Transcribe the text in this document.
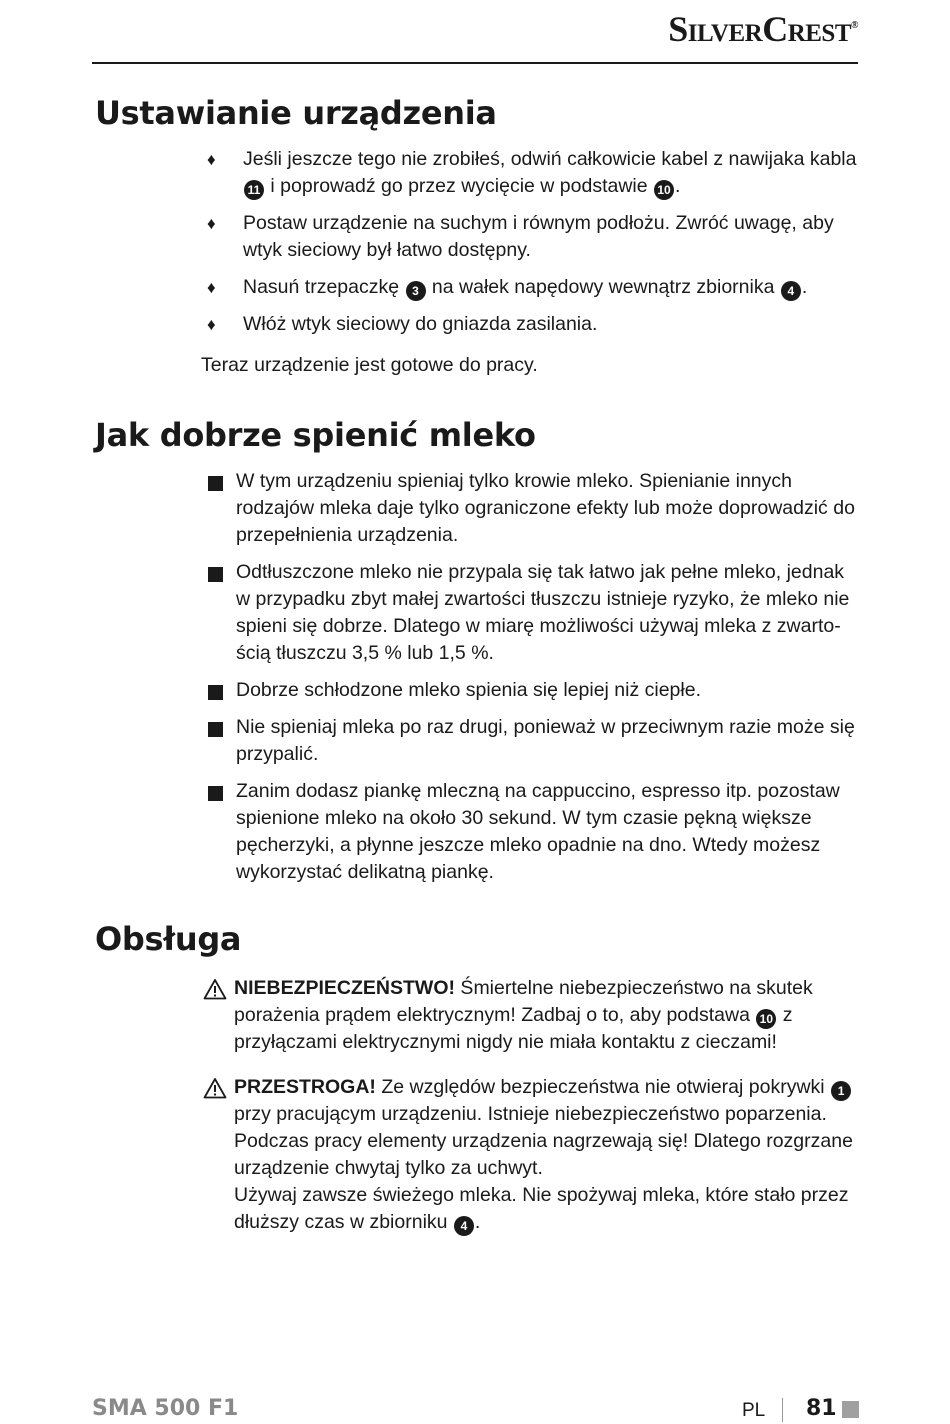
SilverCrest®
Ustawianie urządzenia
♦ Jeśli jeszcze tego nie zrobiłeś, odwiń całkowicie kabel z nawijaka kabla 11 i poprowadź go przez wycięcie w podstawie 10 .
♦ Postaw urządzenie na suchym i równym podłożu. Zwróć uwagę, aby wtyk sieciowy był łatwo dostępny.
♦ Nasuń trzepaczkę 3 na wałek napędowy wewnątrz zbiornika 4 .
♦ Włóż wtyk sieciowy do gniazda zasilania.
Teraz urządzenie jest gotowe do pracy.
Jak dobrze spienić mleko
W tym urządzeniu spieniaj tylko krowie mleko. Spienianie innych rodzajów mleka daje tylko ograniczone efekty lub może doprowadzić do przepełnienia urządzenia.
Odtłuszczone mleko nie przypala się tak łatwo jak pełne mleko, jednak w przypadku zbyt małej zwartości tłuszczu istnieje ryzyko, że mleko nie spieni się dobrze. Dlatego w miarę możliwości używaj mleka z zwartością tłuszczu 3,5 % lub 1,5 %.
Dobrze schłodzone mleko spienia się lepiej niż ciepłe.
Nie spieniaj mleka po raz drugi, ponieważ w przeciwnym razie może się przypalić.
Zanim dodasz piankę mleczną na cappuccino, espresso itp. pozostaw spienione mleko na około 30 sekund. W tym czasie pękną większe pęcherzyki, a płynne jeszcze mleko opadnie na dno. Wtedy możesz wykorzystać delikatną piankę.
Obsługa
NIEBEZPIECZEŃSTWO! Śmiertelne niebezpieczeństwo na skutek porażenia prądem elektrycznym! Zadbaj o to, aby podstawa 10 z przyłączami elektrycznymi nigdy nie miała kontaktu z cieczami!
PRZESTROGA! Ze względów bezpieczeństwa nie otwieraj pokrywki 1 przy pracującym urządzeniu. Istnieje niebezpieczeństwo poparzenia. Podczas pracy elementy urządzenia nagrzewają się! Dlatego rozgrzane urządzenie chwytaj tylko za uchwyt.
Używaj zawsze świeżego mleka. Nie spożywaj mleka, które stało przez dłuższy czas w zbiorniku 4 .
SMA 500 F1	PL 81
